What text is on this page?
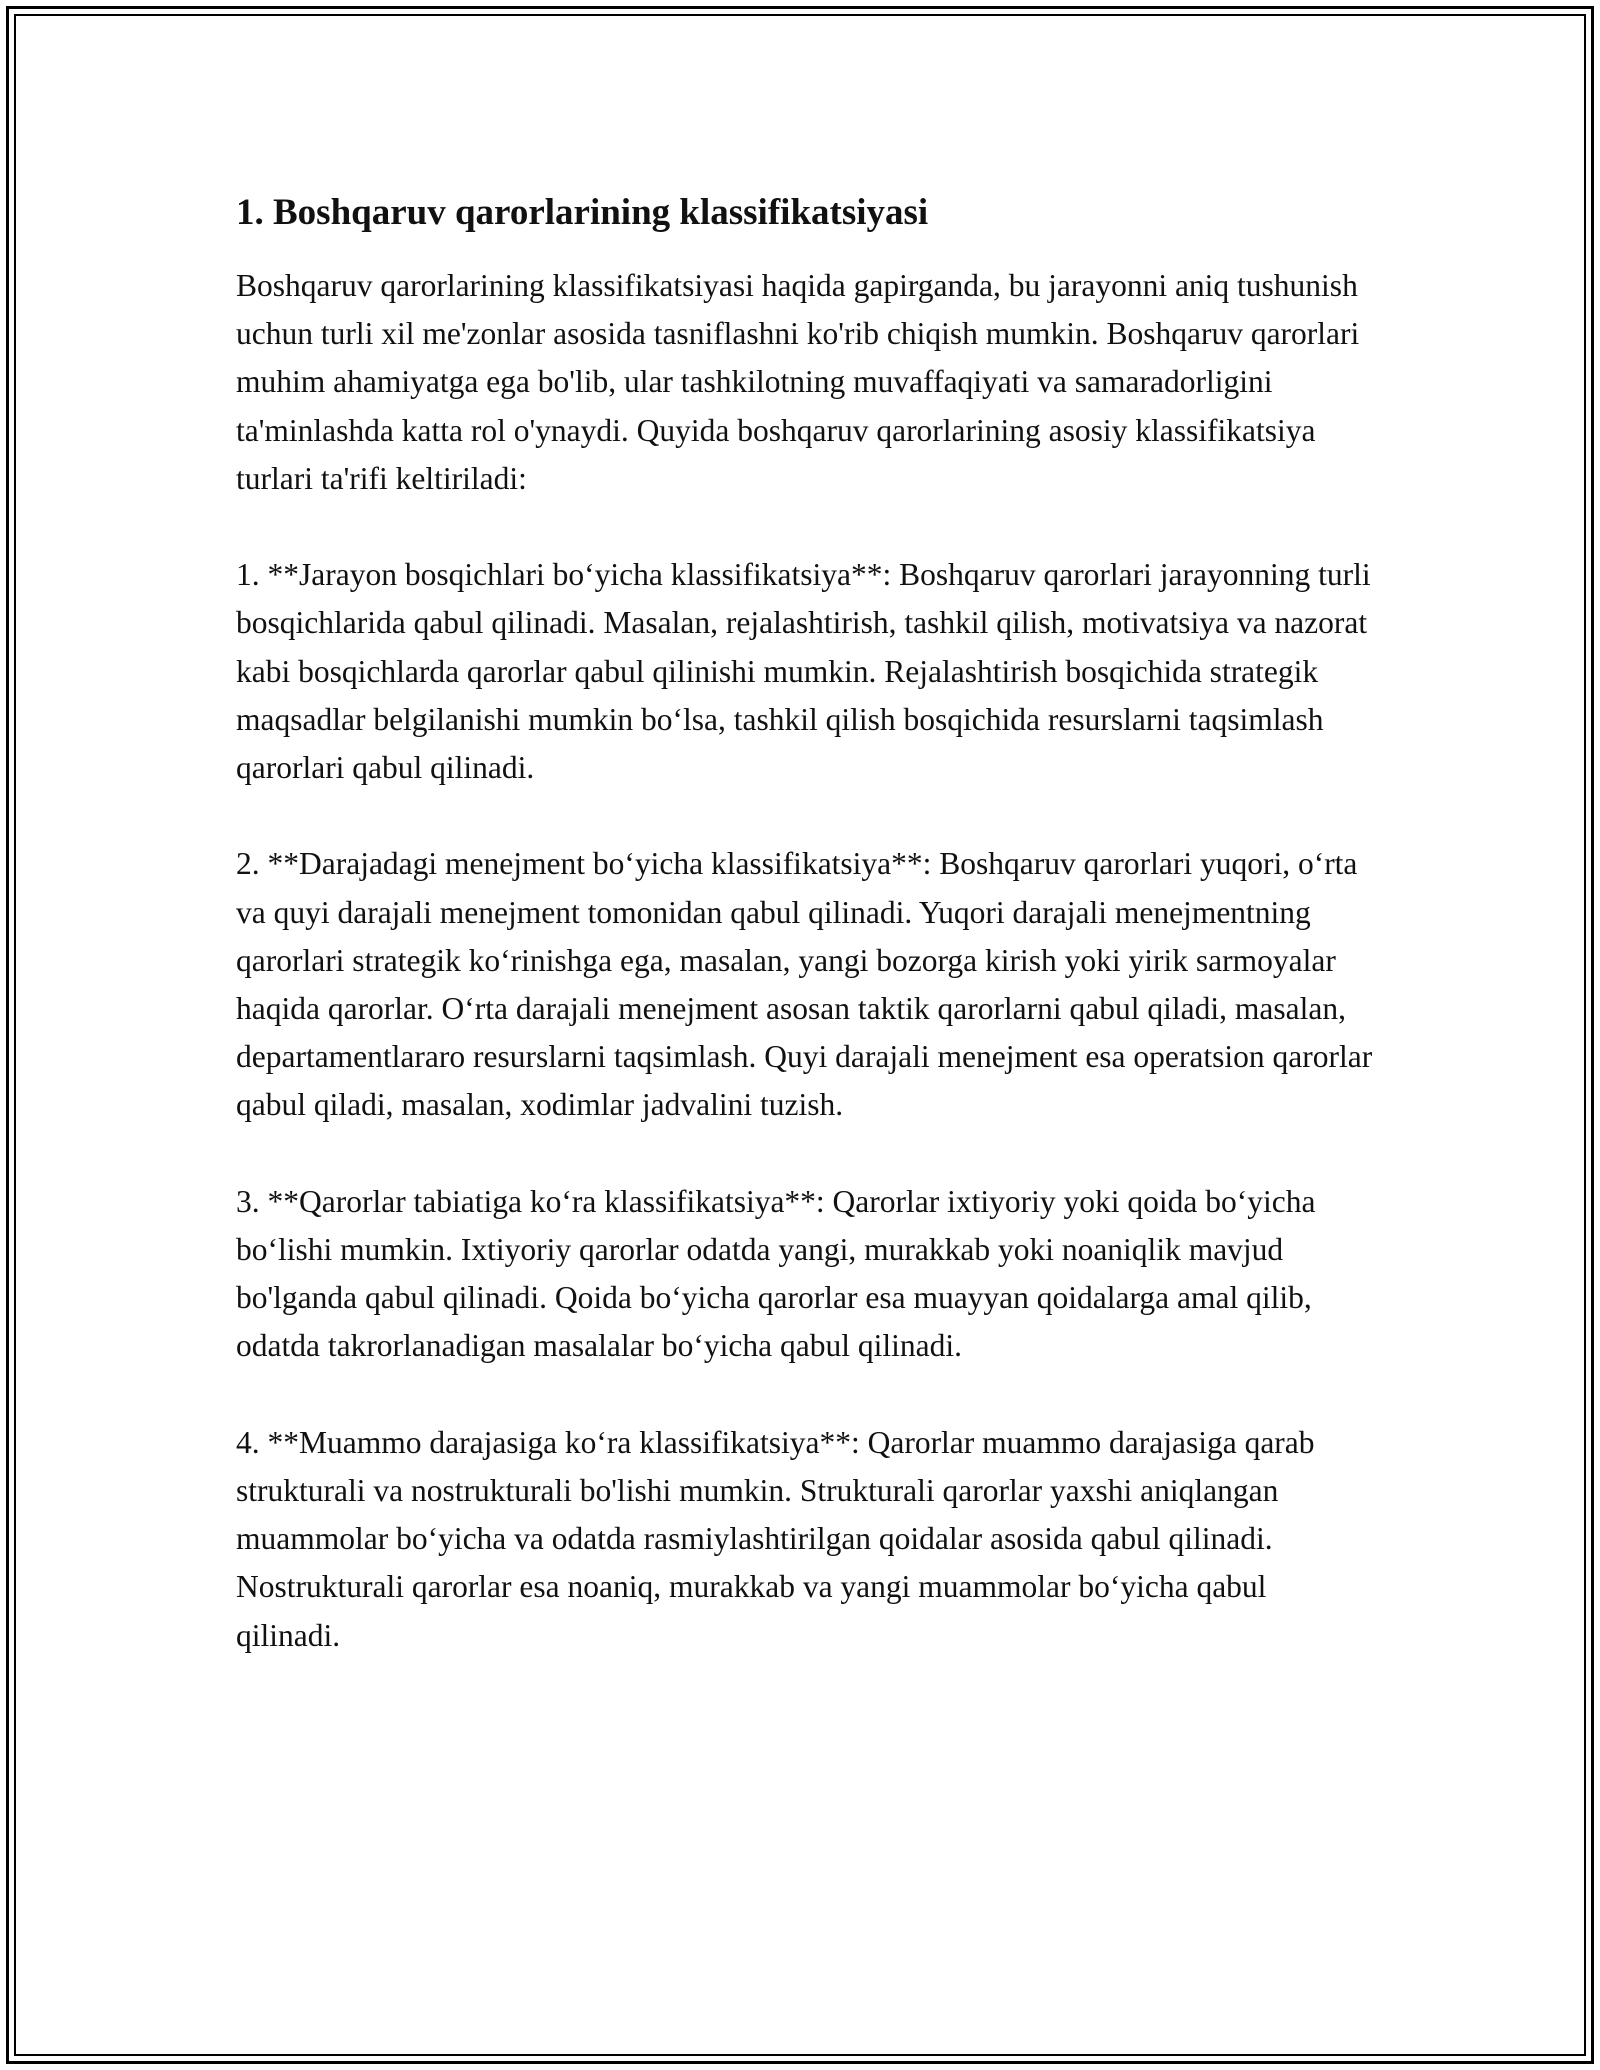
1. Boshqaruv qarorlarining klassifikatsiyasi

Boshqaruv qarorlarining klassifikatsiyasi haqida gapirganda, bu jarayonni aniq tushunish uchun turli xil me'zonlar asosida tasniflashni ko'rib chiqish mumkin. Boshqaruv qarorlari muhim ahamiyatga ega bo'lib, ular tashkilotning muvaffaqiyati va samaradorligini ta'minlashda katta rol o'ynaydi. Quyida boshqaruv qarorlarining asosiy klassifikatsiya turlari ta'rifi keltiriladi:

1. **Jarayon bosqichlari bo‘yicha klassifikatsiya**: Boshqaruv qarorlari jarayonning turli bosqichlarida qabul qilinadi. Masalan, rejalashtirish, tashkil qilish, motivatsiya va nazorat kabi bosqichlarda qarorlar qabul qilinishi mumkin. Rejalashtirish bosqichida strategik maqsadlar belgilanishi mumkin bo‘lsa, tashkil qilish bosqichida resurslarni taqsimlash qarorlari qabul qilinadi.

2. **Darajadagi menejment bo‘yicha klassifikatsiya**: Boshqaruv qarorlari yuqori, o‘rta va quyi darajali menejment tomonidan qabul qilinadi. Yuqori darajali menejmentning qarorlari strategik ko‘rinishga ega, masalan, yangi bozorga kirish yoki yirik sarmoyalar haqida qarorlar. O‘rta darajali menejment asosan taktik qarorlarni qabul qiladi, masalan, departamentlararo resurslarni taqsimlash. Quyi darajali menejment esa operatsion qarorlar qabul qiladi, masalan, xodimlar jadvalini tuzish.

3. **Qarorlar tabiatiga ko‘ra klassifikatsiya**: Qarorlar ixtiyoriy yoki qoida bo‘yicha bo‘lishi mumkin. Ixtiyoriy qarorlar odatda yangi, murakkab yoki noaniqlik mavjud bo'lganda qabul qilinadi. Qoida bo‘yicha qarorlar esa muayyan qoidalarga amal qilib, odatda takrorlanadigan masalalar bo‘yicha qabul qilinadi.

4. **Muammo darajasiga ko‘ra klassifikatsiya**: Qarorlar muammo darajasiga qarab strukturali va nostrukturali bo'lishi mumkin. Strukturali qarorlar yaxshi aniqlangan muammolar bo‘yicha va odatda rasmiylashtirilgan qoidalar asosida qabul qilinadi. Nostrukturali qarorlar esa noaniq, murakkab va yangi muammolar bo‘yicha qabul qilinadi.
